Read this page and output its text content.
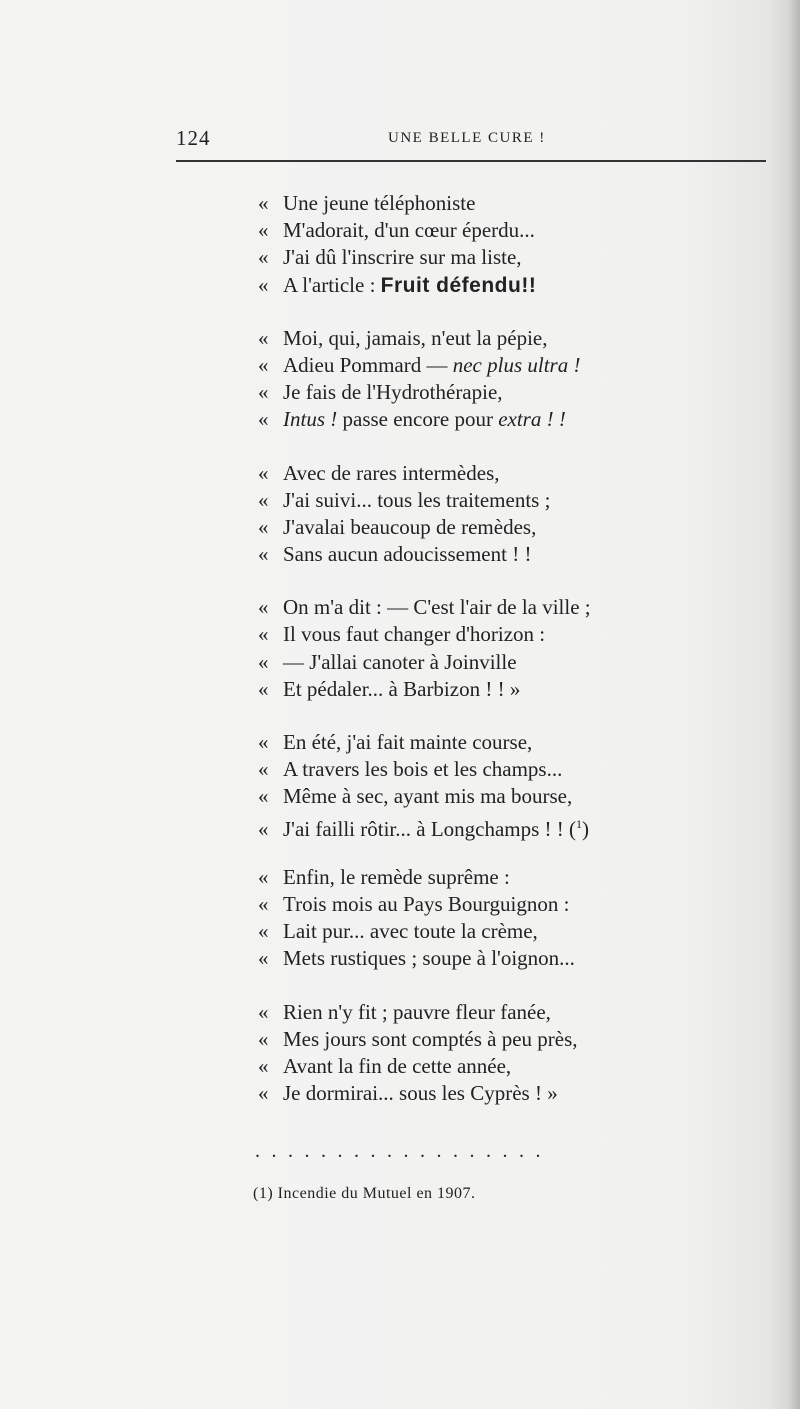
124	UNE BELLE CURE !
« Une jeune téléphoniste
« M'adorait, d'un cœur éperdu...
« J'ai dû l'inscrire sur ma liste,
« A l'article : Fruit défendu!!
« Moi, qui, jamais, n'eut la pépie,
« Adieu Pommard — nec plus ultra !
« Je fais de l'Hydrothérapie,
« Intus ! passe encore pour extra ! !
« Avec de rares intermèdes,
« J'ai suivi... tous les traitements ;
« J'avalai beaucoup de remèdes,
« Sans aucun adoucissement ! !
« On m'a dit : — C'est l'air de la ville ;
« Il vous faut changer d'horizon :
« — J'allai canoter à Joinville
« Et pédaler... à Barbizon ! ! »
« En été, j'ai fait mainte course,
« A travers les bois et les champs...
« Même à sec, ayant mis ma bourse,
« J'ai failli rôtir... à Longchamps ! ! ($^1$)
« Enfin, le remède suprême :
« Trois mois au Pays Bourguignon :
« Lait pur... avec toute la crème,
« Mets rustiques ; soupe à l'oignon...
« Rien n'y fit ; pauvre fleur fanée,
« Mes jours sont comptés à peu près,
« Avant la fin de cette année,
« Je dormirai... sous les Cyprès ! »
..................
(1) Incendie du Mutuel en 1907.
